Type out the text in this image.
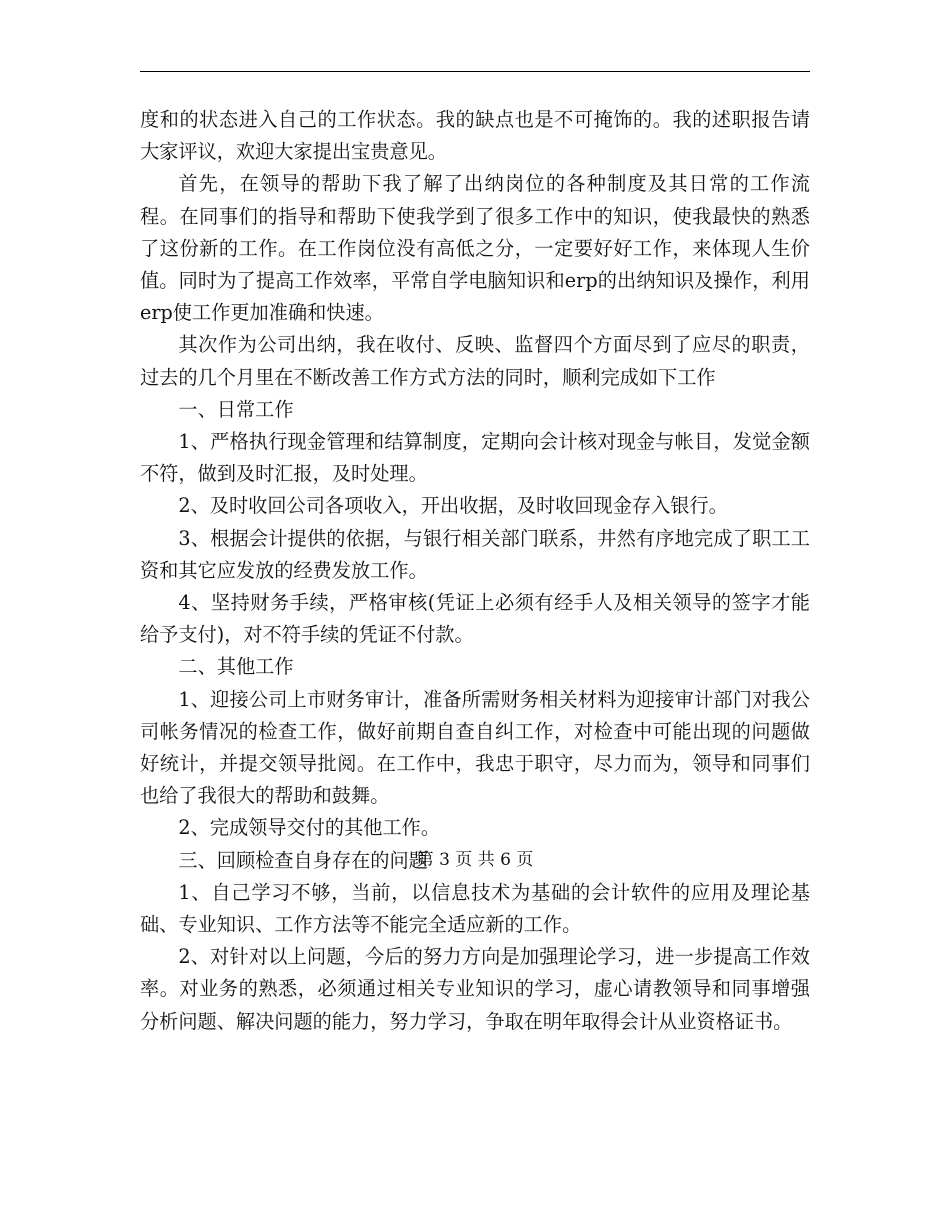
度和的状态进入自己的工作状态。我的缺点也是不可掩饰的。我的述职报告请大家评议，欢迎大家提出宝贵意见。

首先，在领导的帮助下我了解了出纳岗位的各种制度及其日常的工作流程。在同事们的指导和帮助下使我学到了很多工作中的知识，使我最快的熟悉了这份新的工作。在工作岗位没有高低之分，一定要好好工作，来体现人生价值。同时为了提高工作效率，平常自学电脑知识和erp的出纳知识及操作，利用erp使工作更加准确和快速。

其次作为公司出纳，我在收付、反映、监督四个方面尽到了应尽的职责，过去的几个月里在不断改善工作方式方法的同时，顺利完成如下工作

一、日常工作

1、严格执行现金管理和结算制度，定期向会计核对现金与帐目，发觉金额不符，做到及时汇报，及时处理。

2、及时收回公司各项收入，开出收据，及时收回现金存入银行。

3、根据会计提供的依据，与银行相关部门联系，井然有序地完成了职工工资和其它应发放的经费发放工作。

4、坚持财务手续，严格审核(凭证上必须有经手人及相关领导的签字才能给予支付)，对不符手续的凭证不付款。

二、其他工作

1、迎接公司上市财务审计，准备所需财务相关材料为迎接审计部门对我公司帐务情况的检查工作，做好前期自查自纠工作，对检查中可能出现的问题做好统计，并提交领导批阅。在工作中，我忠于职守，尽力而为，领导和同事们也给了我很大的帮助和鼓舞。

2、完成领导交付的其他工作。

三、回顾检查自身存在的问题

1、自己学习不够，当前，以信息技术为基础的会计软件的应用及理论基础、专业知识、工作方法等不能完全适应新的工作。

2、对针对以上问题，今后的努力方向是加强理论学习，进一步提高工作效率。对业务的熟悉，必须通过相关专业知识的学习，虚心请教领导和同事增强分析问题、解决问题的能力，努力学习，争取在明年取得会计从业资格证书。

第 3 页 共 6 页
